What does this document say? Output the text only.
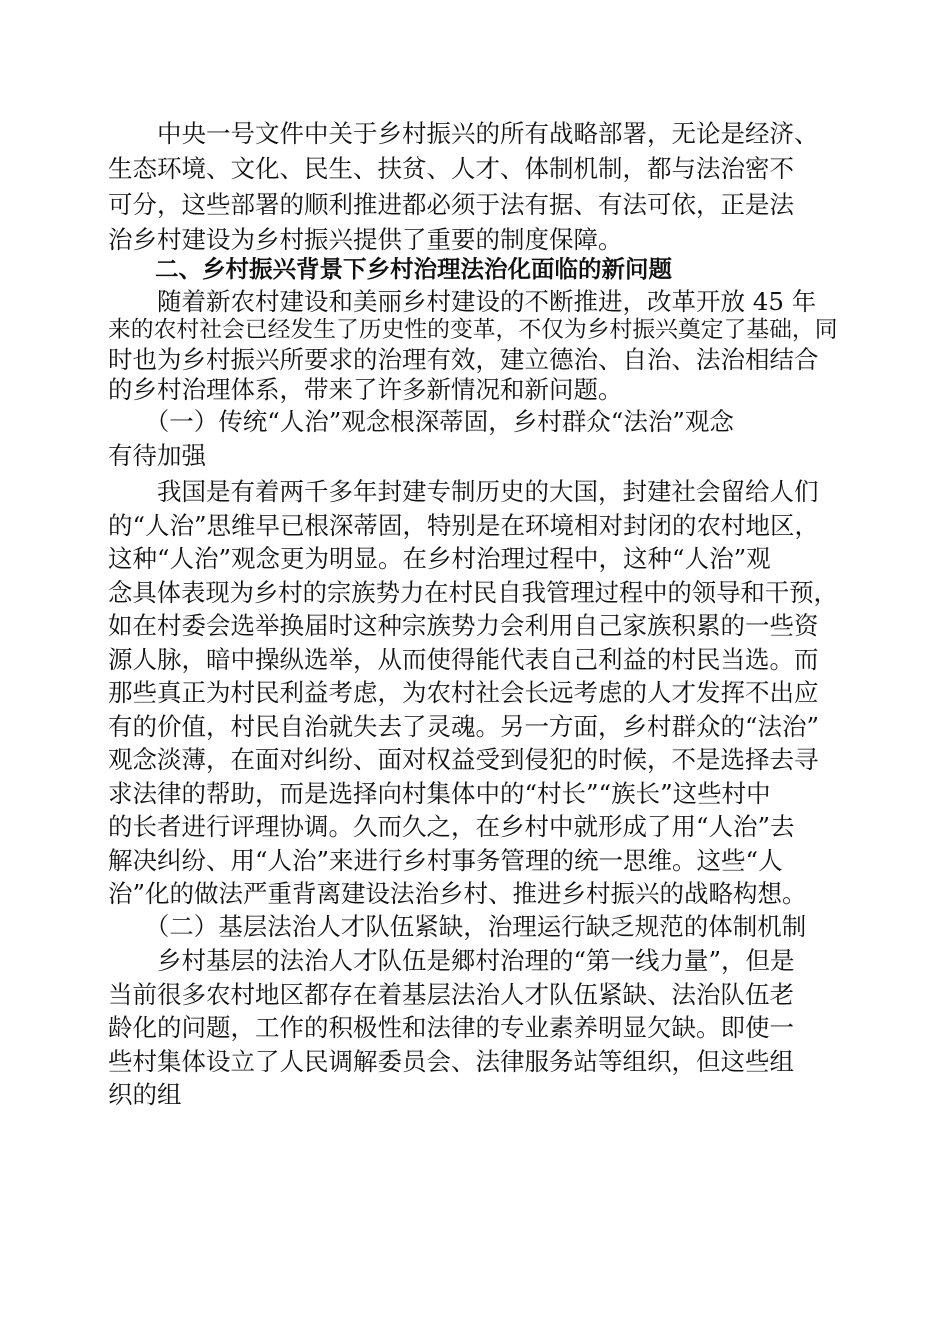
　　中央一号文件中关于乡村振兴的所有战略部署，无论是经济、
生态环境、文化、民生、扶贫、人才、体制机制，都与法治密不
可分，这些部署的顺利推进都必须于法有据、有法可依，正是法
治乡村建设为乡村振兴提供了重要的制度保障。
　　二、乡村振兴背景下乡村治理法治化面临的新问题
　　随着新农村建设和美丽乡村建设的不断推进，改革开放 45 年
来的农村社会已经发生了历史性的变革，不仅为乡村振兴奠定了基础，同
时也为乡村振兴所要求的治理有效，建立德治、自治、法治相结合
的乡村治理体系，带来了许多新情况和新问题。
　　（一）传统“人治”观念根深蒂固，乡村群众“法治”观念
有待加强
　　我国是有着两千多年封建专制历史的大国，封建社会留给人们
的“人治”思维早已根深蒂固，特别是在环境相对封闭的农村地区，
这种“人治”观念更为明显。在乡村治理过程中，这种“人治”观
念具体表现为乡村的宗族势力在村民自我管理过程中的领导和干预，
如在村委会选举换届时这种宗族势力会利用自己家族积累的一些资
源人脉，暗中操纵选举，从而使得能代表自己利益的村民当选。而
那些真正为村民利益考虑，为农村社会长远考虑的人才发挥不出应
有的价值，村民自治就失去了灵魂。另一方面，乡村群众的“法治”
观念淡薄，在面对纠纷、面对权益受到侵犯的时候，不是选择去寻
求法律的帮助，而是选择向村集体中的“村长”“族长”这些村中
的长者进行评理协调。久而久之，在乡村中就形成了用“人治”去
解决纠纷、用“人治”来进行乡村事务管理的统一思维。这些“人
治”化的做法严重背离建设法治乡村、推进乡村振兴的战略构想。
　　（二）基层法治人才队伍紧缺，治理运行缺乏规范的体制机制
　　乡村基层的法治人才队伍是郷村治理的“第一线力量”，但是
当前很多农村地区都存在着基层法治人才队伍紧缺、法治队伍老
龄化的问题，工作的积极性和法律的专业素养明显欠缺。即使一
些村集体设立了人民调解委员会、法律服务站等组织，但这些组
织的组
